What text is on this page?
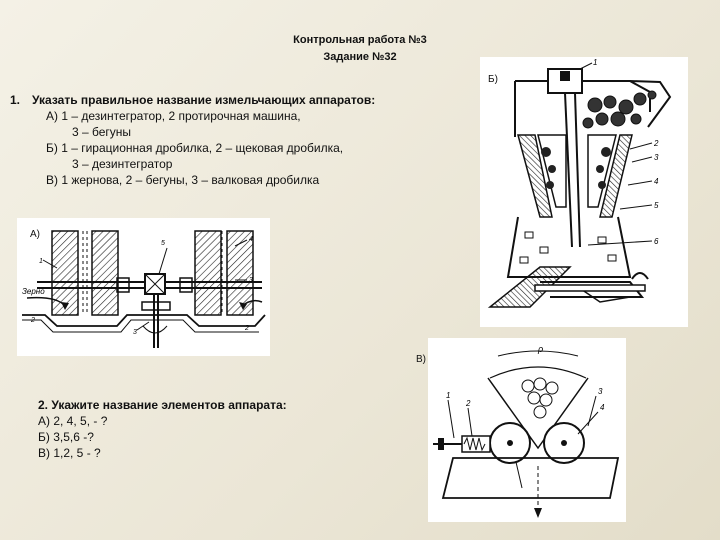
Контрольная работа №3
Задание №32
1. Указать правильное название измельчающих аппаратов:
А) 1 – дезинтегратор, 2 протирочная машина,
3 – бегуны
Б) 1 – гирационная дробилка, 2 – щековая дробилка,
3 – дезинтегратор
В) 1 жернова, 2 – бегуны, 3 – валковая дробилка
А)
Зерно
1
4
5
3
2
2
3
Б)
1
2
3
4
5
6
В)
1
2
3
4
ρ
2. Укажите название элементов аппарата:
А) 2, 4, 5, - ?
Б) 3,5,6 -?
В) 1,2, 5 - ?
